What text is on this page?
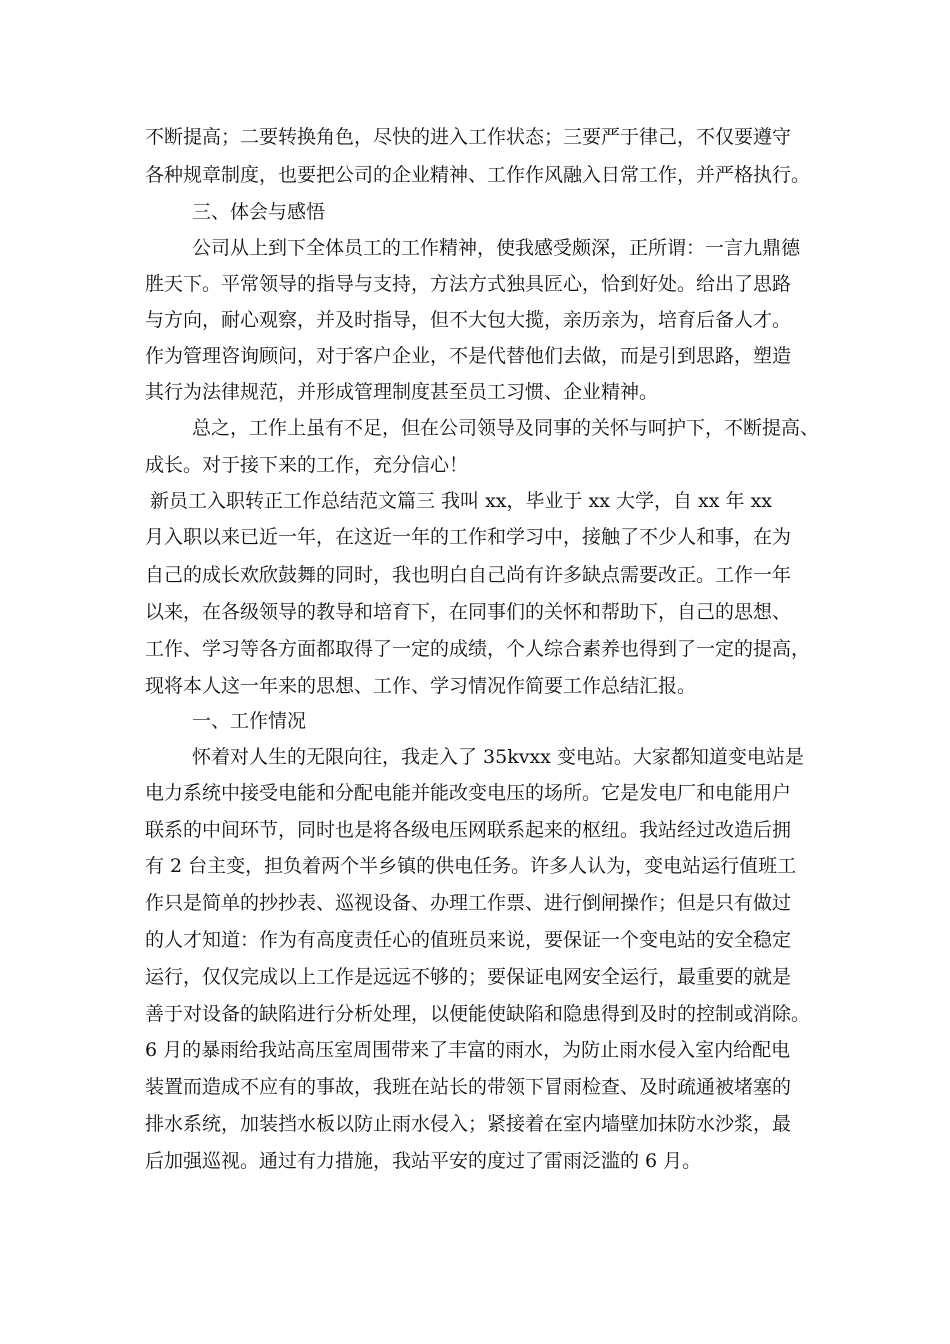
不断提高；二要转换角色，尽快的进入工作状态；三要严于律己，不仅要遵守
各种规章制度，也要把公司的企业精神、工作作风融入日常工作，并严格执行。
三、体会与感悟
公司从上到下全体员工的工作精神，使我感受颇深，正所谓：一言九鼎德
胜天下。平常领导的指导与支持，方法方式独具匠心，恰到好处。给出了思路
与方向，耐心观察，并及时指导，但不大包大揽，亲历亲为，培育后备人才。
作为管理咨询顾问，对于客户企业，不是代替他们去做，而是引到思路，塑造
其行为法律规范，并形成管理制度甚至员工习惯、企业精神。
总之，工作上虽有不足，但在公司领导及同事的关怀与呵护下，不断提高、
成长。对于接下来的工作，充分信心！
新员工入职转正工作总结范文篇三 我叫 xx，毕业于 xx 大学，自 xx 年 xx
月入职以来已近一年，在这近一年的工作和学习中，接触了不少人和事，在为
自己的成长欢欣鼓舞的同时，我也明白自己尚有许多缺点需要改正。工作一年
以来，在各级领导的教导和培育下，在同事们的关怀和帮助下，自己的思想、
工作、学习等各方面都取得了一定的成绩，个人综合素养也得到了一定的提高，
现将本人这一年来的思想、工作、学习情况作简要工作总结汇报。
一、工作情况
怀着对人生的无限向往，我走入了 35kvxx 变电站。大家都知道变电站是
电力系统中接受电能和分配电能并能改变电压的场所。它是发电厂和电能用户
联系的中间环节，同时也是将各级电压网联系起来的枢纽。我站经过改造后拥
有 2 台主变，担负着两个半乡镇的供电任务。许多人认为，变电站运行值班工
作只是简单的抄抄表、巡视设备、办理工作票、进行倒闸操作；但是只有做过
的人才知道：作为有高度责任心的值班员来说，要保证一个变电站的安全稳定
运行，仅仅完成以上工作是远远不够的；要保证电网安全运行，最重要的就是
善于对设备的缺陷进行分析处理，以便能使缺陷和隐患得到及时的控制或消除。
6 月的暴雨给我站高压室周围带来了丰富的雨水，为防止雨水侵入室内给配电
装置而造成不应有的事故，我班在站长的带领下冒雨检查、及时疏通被堵塞的
排水系统，加装挡水板以防止雨水侵入；紧接着在室内墙壁加抹防水沙浆，最
后加强巡视。通过有力措施，我站平安的度过了雷雨泛滥的 6 月。
